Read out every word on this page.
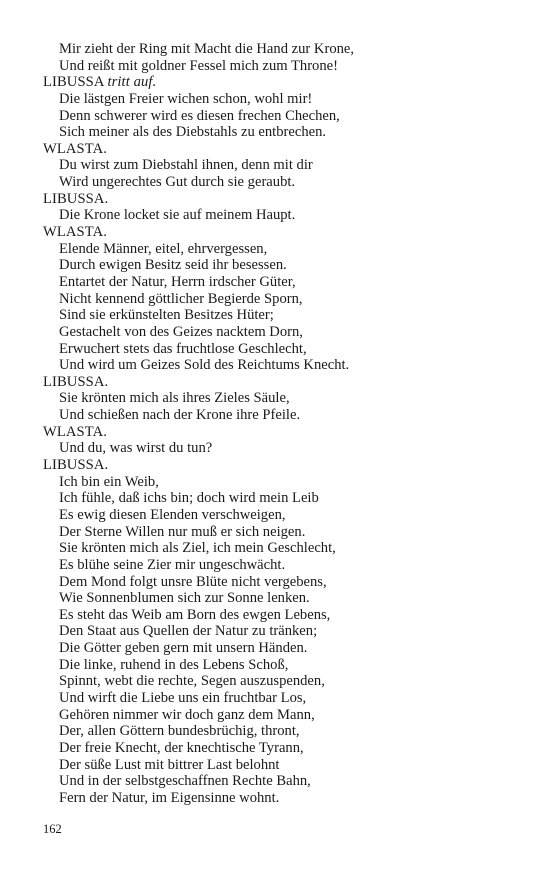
Mir zieht der Ring mit Macht die Hand zur Krone,
Und reißt mit goldner Fessel mich zum Throne!
LIBUSSA tritt auf.
Die lästgen Freier wichen schon, wohl mir!
Denn schwerer wird es diesen frechen Chechen,
Sich meiner als des Diebstahls zu entbrechen.
WLASTA.
Du wirst zum Diebstahl ihnen, denn mit dir
Wird ungerechtes Gut durch sie geraubt.
LIBUSSA.
Die Krone locket sie auf meinem Haupt.
WLASTA.
Elende Männer, eitel, ehrvergessen,
Durch ewigen Besitz seid ihr besessen.
Entartet der Natur, Herrn irdscher Güter,
Nicht kennend göttlicher Begierde Sporn,
Sind sie erkünstelten Besitzes Hüter;
Gestachelt von des Geizes nacktem Dorn,
Erwuchert stets das fruchtlose Geschlecht,
Und wird um Geizes Sold des Reichtums Knecht.
LIBUSSA.
Sie krönten mich als ihres Zieles Säule,
Und schießen nach der Krone ihre Pfeile.
WLASTA.
Und du, was wirst du tun?
LIBUSSA.
Ich bin ein Weib,
Ich fühle, daß ichs bin; doch wird mein Leib
Es ewig diesen Elenden verschweigen,
Der Sterne Willen nur muß er sich neigen.
Sie krönten mich als Ziel, ich mein Geschlecht,
Es blühe seine Zier mir ungeschwächt.
Dem Mond folgt unsre Blüte nicht vergebens,
Wie Sonnenblumen sich zur Sonne lenken.
Es steht das Weib am Born des ewgen Lebens,
Den Staat aus Quellen der Natur zu tränken;
Die Götter geben gern mit unsern Händen.
Die linke, ruhend in des Lebens Schoß,
Spinnt, webt die rechte, Segen auszuspenden,
Und wirft die Liebe uns ein fruchtbar Los,
Gehören nimmer wir doch ganz dem Mann,
Der, allen Göttern bundesbrüchig, thront,
Der freie Knecht, der knechtische Tyrann,
Der süße Lust mit bittrer Last belohnt
Und in der selbstgeschaffnen Rechte Bahn,
Fern der Natur, im Eigensinne wohnt.
162
